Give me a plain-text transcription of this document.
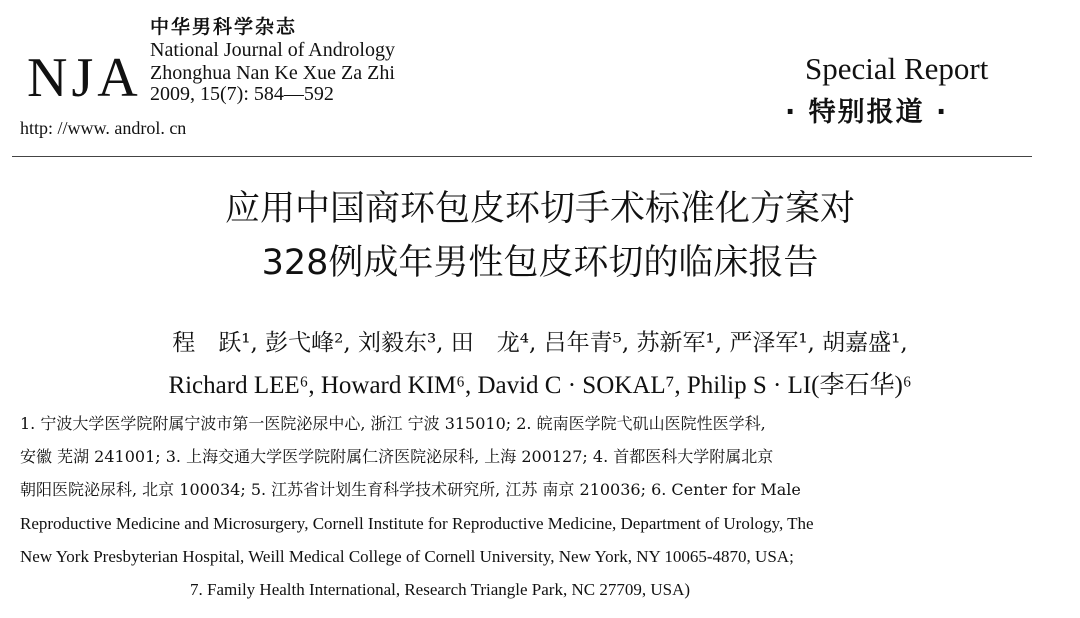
NJA
中华男科学杂志
National Journal of Andrology
Zhonghua Nan Ke Xue Za Zhi
2009, 15(7): 584—592
http: //www. androl. cn
Special Report
· 特别报道 ·
应用中国商环包皮环切手术标准化方案对
328例成年男性包皮环切的临床报告
程　跃¹, 彭弋峰², 刘毅东³, 田　龙⁴, 吕年青⁵, 苏新军¹, 严泽军¹, 胡嘉盛¹,
Richard LEE⁶, Howard KIM⁶, David C · SOKAL⁷, Philip S · LI(李石华)⁶
1. 宁波大学医学院附属宁波市第一医院泌尿中心, 浙江 宁波 315010; 2. 皖南医学院弋矶山医院性医学科,
安徽 芜湖 241001; 3. 上海交通大学医学院附属仁济医院泌尿科, 上海 200127; 4. 首都医科大学附属北京
朝阳医院泌尿科, 北京 100034; 5. 江苏省计划生育科学技术研究所, 江苏 南京 210036; 6. Center for Male
Reproductive Medicine and Microsurgery, Cornell Institute for Reproductive Medicine, Department of Urology, The
New York Presbyterian Hospital, Weill Medical College of Cornell University, New York, NY 10065-4870, USA;
7. Family Health International, Research Triangle Park, NC 27709, USA)
